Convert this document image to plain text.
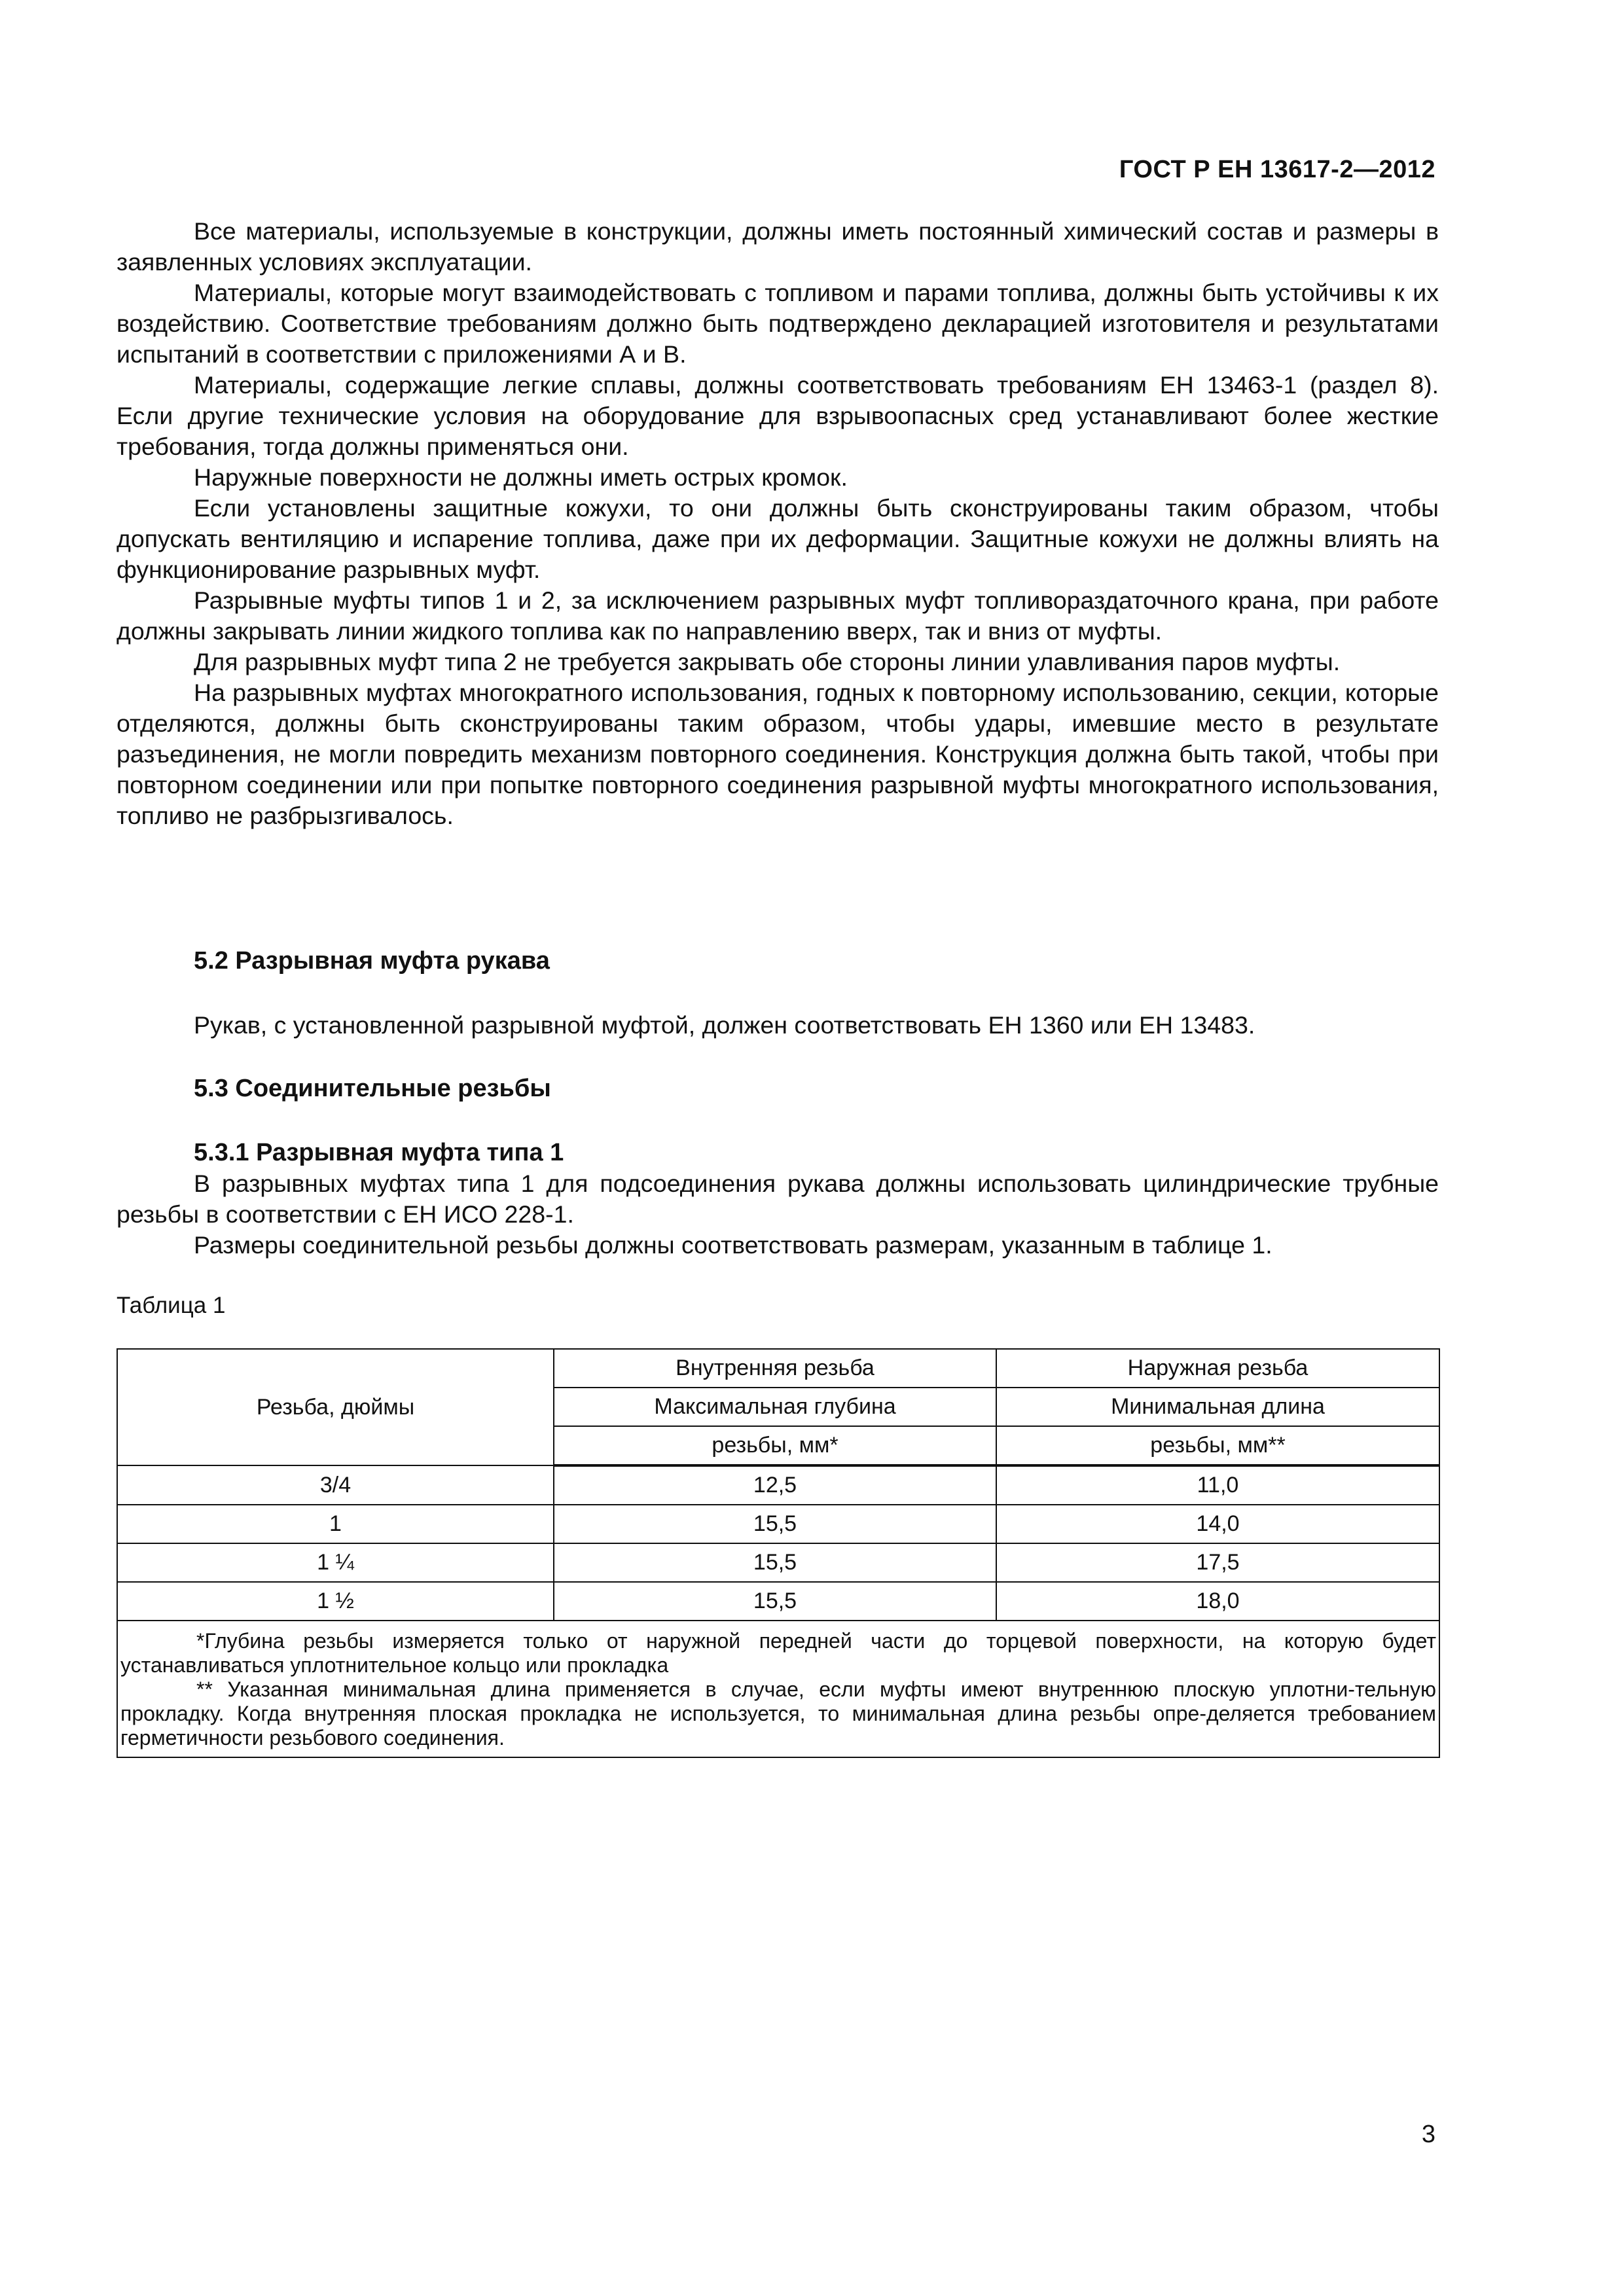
ГОСТ Р ЕН 13617-2—2012

Все материалы, используемые в конструкции, должны иметь постоянный химический состав и размеры в заявленных условиях эксплуатации.

Материалы, которые могут взаимодействовать с топливом и парами топлива, должны быть устойчивы к их воздействию. Соответствие требованиям должно быть подтверждено декларацией изготовителя и результатами испытаний в соответствии с приложениями А и В.

Материалы, содержащие легкие сплавы, должны соответствовать требованиям ЕН 13463-1 (раздел 8). Если другие технические условия на оборудование для взрывоопасных сред устанавливают более жесткие требования, тогда должны применяться они.

Наружные поверхности не должны иметь острых кромок.

Если установлены защитные кожухи, то они должны быть сконструированы таким образом, чтобы допускать вентиляцию и испарение топлива, даже при их деформации. Защитные кожухи не должны влиять на функционирование разрывных муфт.

Разрывные муфты типов 1 и 2, за исключением разрывных муфт топливораздаточного крана, при работе должны закрывать линии жидкого топлива как по направлению вверх, так и вниз от муфты.

Для разрывных муфт типа 2 не требуется закрывать обе стороны линии улавливания паров муфты.

На разрывных муфтах многократного использования, годных к повторному использованию, секции, которые отделяются, должны быть сконструированы таким образом, чтобы удары, имевшие место в результате разъединения, не могли повредить механизм повторного соединения. Конструкция должна быть такой, чтобы при повторном соединении или при попытке повторного соединения разрывной муфты многократного использования, топливо не разбрызгивалось.

5.2 Разрывная муфта рукава

Рукав, с установленной разрывной муфтой, должен соответствовать ЕН 1360 или ЕН 13483.

5.3 Соединительные резьбы
5.3.1 Разрывная муфта типа 1

В разрывных муфтах типа 1 для подсоединения рукава должны использовать цилиндрические трубные резьбы в соответствии с ЕН ИСО 228-1.

Размеры соединительной резьбы должны соответствовать размерам, указанным в таблице 1.

Таблица 1
Резьба, дюймы	Внутренняя резьба	Наружная резьба
	Максимальная глубина	Минимальная длина
	резьбы, мм*	резьбы, мм**
3/4	12,5	11,0
1	15,5	14,0
1 ¼	15,5	17,5
1 ½	15,5	18,0

*Глубина резьбы измеряется только от наружной передней части до торцевой поверхности, на которую будет устанавливаться уплотнительное кольцо или прокладка

** Указанная минимальная длина применяется в случае, если муфты имеют внутреннюю плоскую уплотни-тельную прокладку. Когда внутренняя плоская прокладка не используется, то минимальная длина резьбы опре-деляется требованием герметичности резьбового соединения.		

3
